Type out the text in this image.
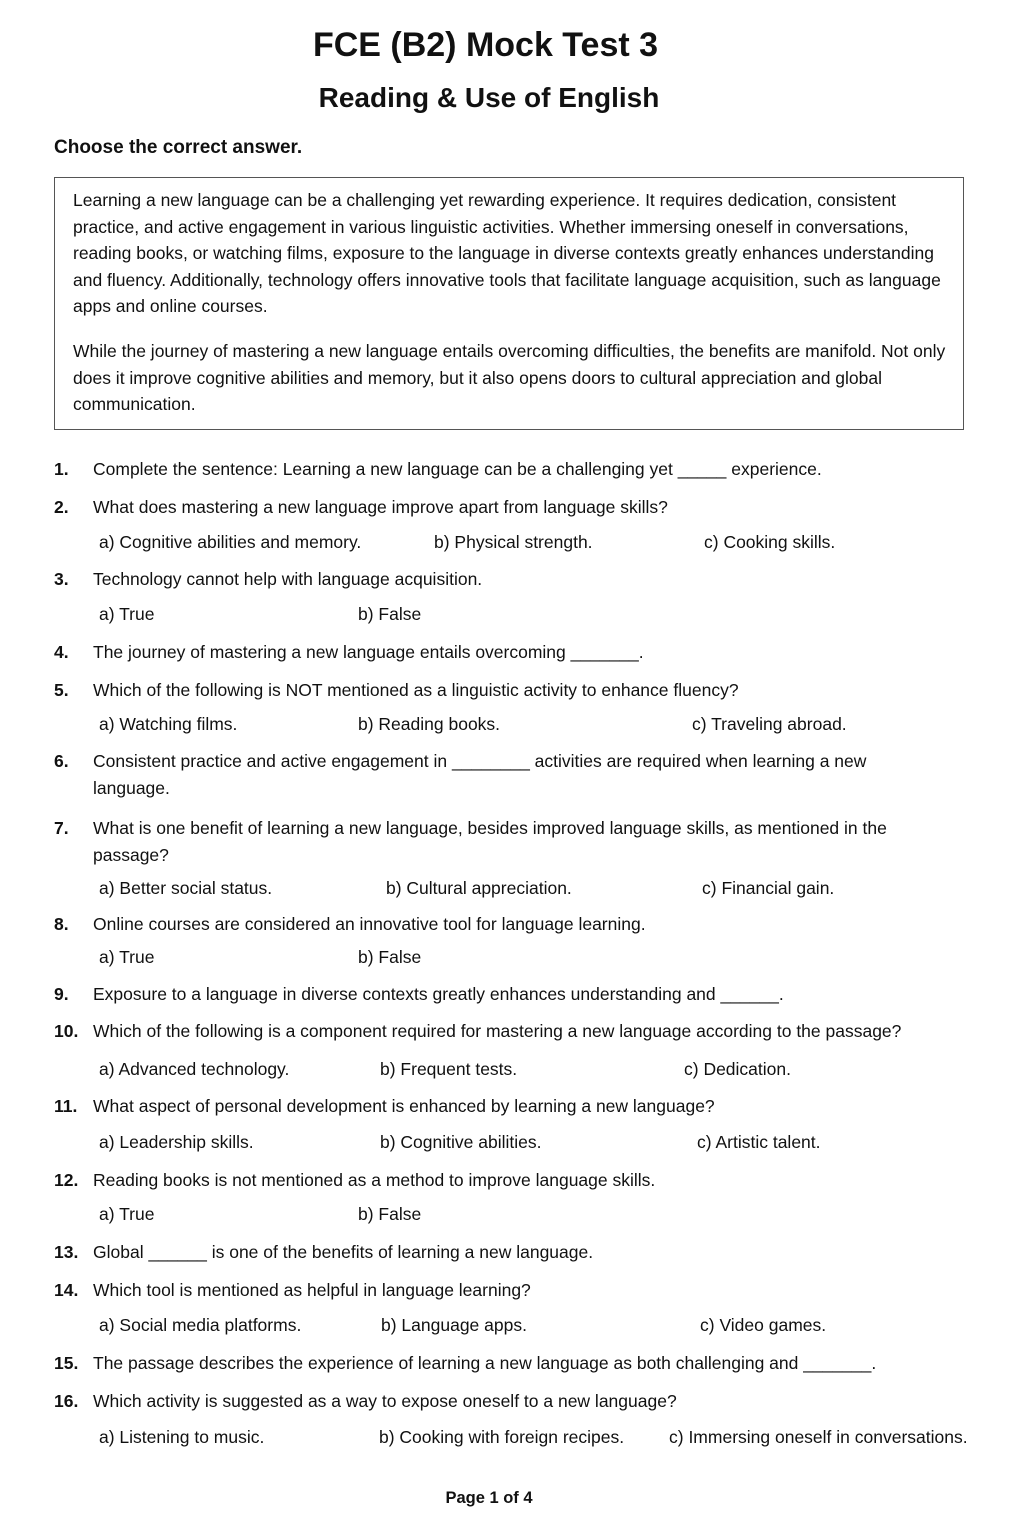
FCE (B2) Mock Test 3
Reading & Use of English

Choose the correct answer.

Learning a new language can be a challenging yet rewarding experience. It requires dedication, consistent practice, and active engagement in various linguistic activities. Whether immersing oneself in conversations, reading books, or watching films, exposure to the language in diverse contexts greatly enhances understanding and fluency. Additionally, technology offers innovative tools that facilitate language acquisition, such as language apps and online courses.

While the journey of mastering a new language entails overcoming difficulties, the benefits are manifold. Not only does it improve cognitive abilities and memory, but it also opens doors to cultural appreciation and global communication.

1. Complete the sentence: Learning a new language can be a challenging yet _____ experience.
2. What does mastering a new language improve apart from language skills?
a) Cognitive abilities and memory.	b) Physical strength.	c) Cooking skills.
3. Technology cannot help with language acquisition.
a) True	b) False
4. The journey of mastering a new language entails overcoming _______.
5. Which of the following is NOT mentioned as a linguistic activity to enhance fluency?
a) Watching films.	b) Reading books.	c) Traveling abroad.
6. Consistent practice and active engagement in ________ activities are required when learning a new language.
7. What is one benefit of learning a new language, besides improved language skills, as mentioned in the passage?
a) Better social status.	b) Cultural appreciation.	c) Financial gain.
8. Online courses are considered an innovative tool for language learning.
a) True	b) False
9. Exposure to a language in diverse contexts greatly enhances understanding and ______.
10. Which of the following is a component required for mastering a new language according to the passage?
a) Advanced technology.	b) Frequent tests.	c) Dedication.
11. What aspect of personal development is enhanced by learning a new language?
a) Leadership skills.	b) Cognitive abilities.	c) Artistic talent.
12. Reading books is not mentioned as a method to improve language skills.
a) True	b) False
13. Global ______ is one of the benefits of learning a new language.
14. Which tool is mentioned as helpful in language learning?
a) Social media platforms.	b) Language apps.	c) Video games.
15. The passage describes the experience of learning a new language as both challenging and _______.
16. Which activity is suggested as a way to expose oneself to a new language?
a) Listening to music.	b) Cooking with foreign recipes.	c) Immersing oneself in conversations.
Page 1 of 4
